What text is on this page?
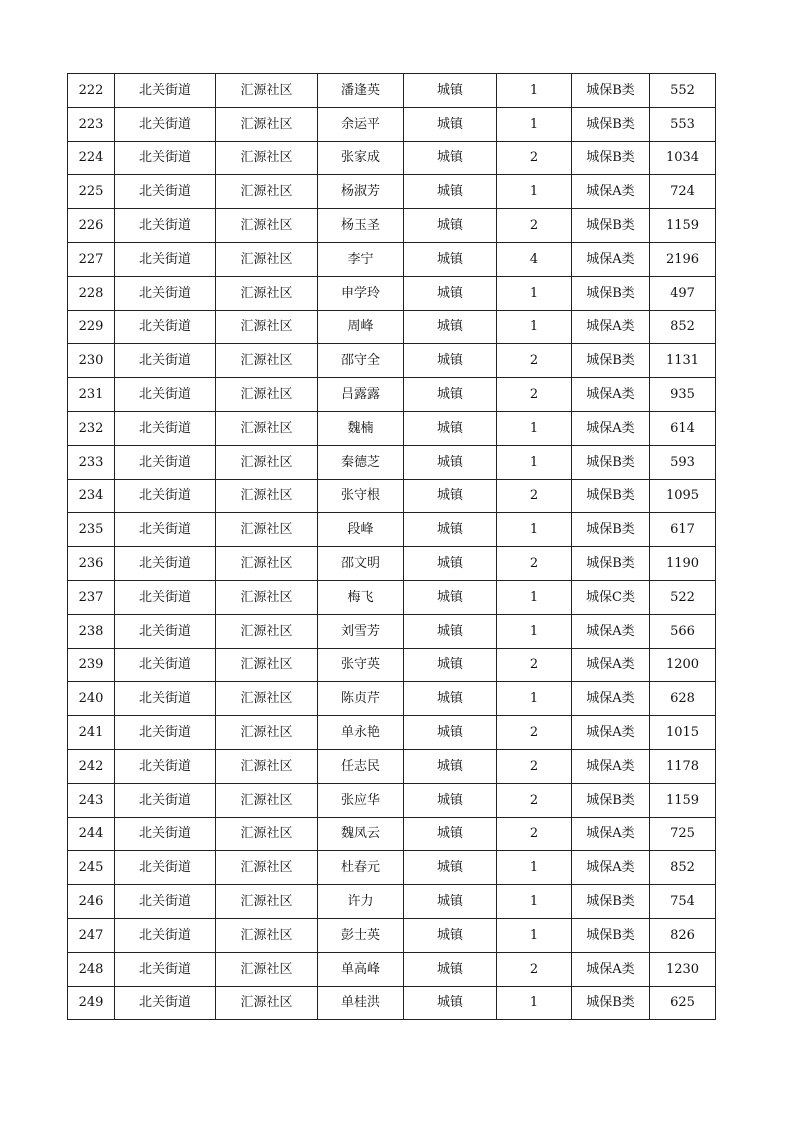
222	北关街道	汇源社区	潘逢英	城镇	1	城保B类	552
223	北关街道	汇源社区	余运平	城镇	1	城保B类	553
224	北关街道	汇源社区	张家成	城镇	2	城保B类	1034
225	北关街道	汇源社区	杨淑芳	城镇	1	城保A类	724
226	北关街道	汇源社区	杨玉圣	城镇	2	城保B类	1159
227	北关街道	汇源社区	李宁	城镇	4	城保A类	2196
228	北关街道	汇源社区	申学玲	城镇	1	城保B类	497
229	北关街道	汇源社区	周峰	城镇	1	城保A类	852
230	北关街道	汇源社区	邵守全	城镇	2	城保B类	1131
231	北关街道	汇源社区	吕露露	城镇	2	城保A类	935
232	北关街道	汇源社区	魏楠	城镇	1	城保A类	614
233	北关街道	汇源社区	秦德芝	城镇	1	城保B类	593
234	北关街道	汇源社区	张守根	城镇	2	城保B类	1095
235	北关街道	汇源社区	段峰	城镇	1	城保B类	617
236	北关街道	汇源社区	邵文明	城镇	2	城保B类	1190
237	北关街道	汇源社区	梅飞	城镇	1	城保C类	522
238	北关街道	汇源社区	刘雪芳	城镇	1	城保A类	566
239	北关街道	汇源社区	张守英	城镇	2	城保A类	1200
240	北关街道	汇源社区	陈贞芹	城镇	1	城保A类	628
241	北关街道	汇源社区	单永艳	城镇	2	城保A类	1015
242	北关街道	汇源社区	任志民	城镇	2	城保A类	1178
243	北关街道	汇源社区	张应华	城镇	2	城保B类	1159
244	北关街道	汇源社区	魏凤云	城镇	2	城保A类	725
245	北关街道	汇源社区	杜春元	城镇	1	城保A类	852
246	北关街道	汇源社区	许力	城镇	1	城保B类	754
247	北关街道	汇源社区	彭士英	城镇	1	城保B类	826
248	北关街道	汇源社区	单高峰	城镇	2	城保A类	1230
249	北关街道	汇源社区	单桂洪	城镇	1	城保B类	625
